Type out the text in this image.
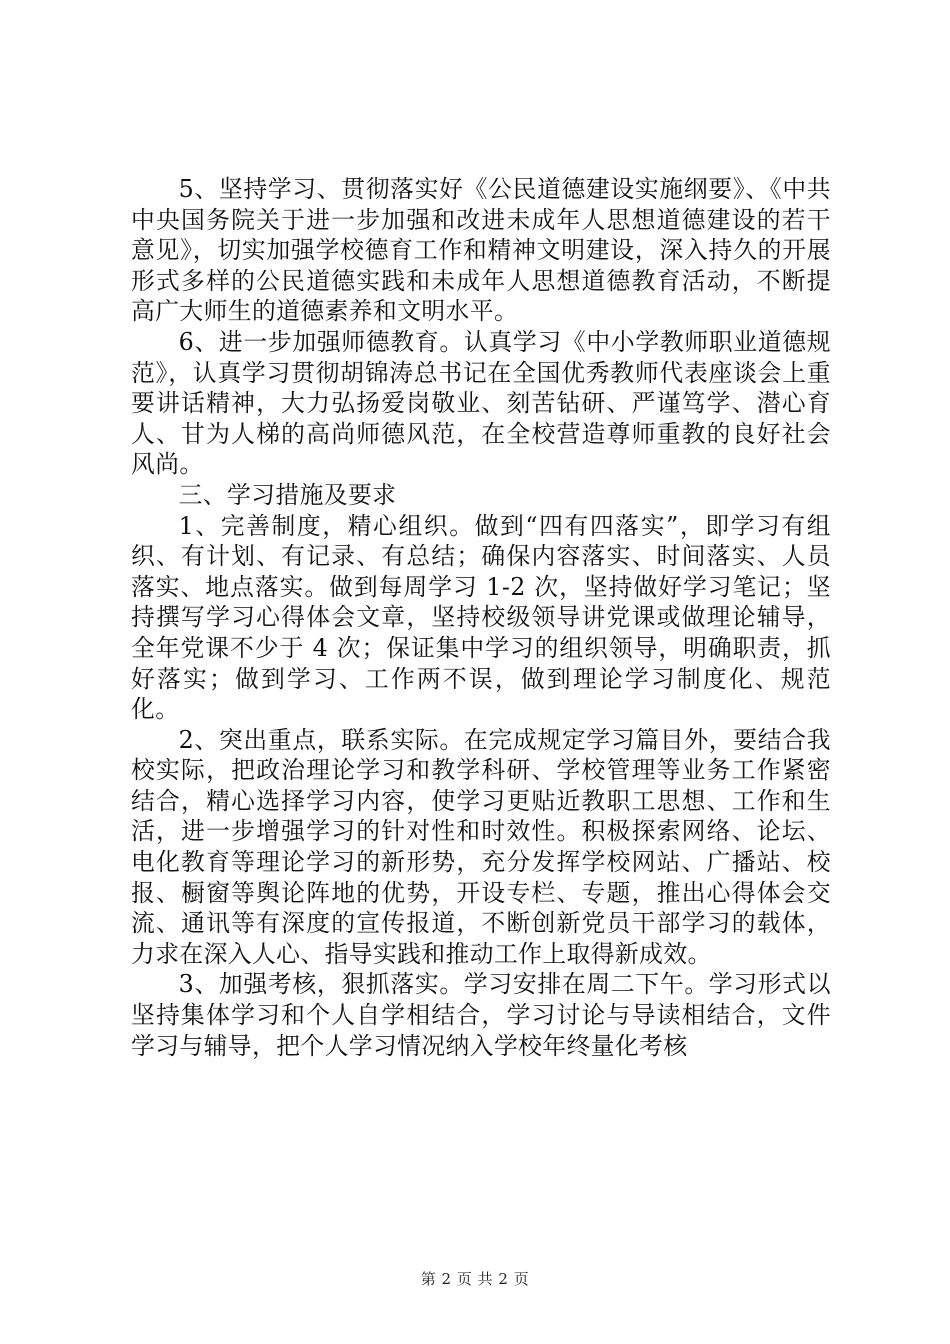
5、坚持学习、贯彻落实好《公民道德建设实施纲要》、《中共中央国务院关于进一步加强和改进未成年人思想道德建设的若干意见》，切实加强学校德育工作和精神文明建设，深入持久的开展形式多样的公民道德实践和未成年人思想道德教育活动，不断提高广大师生的道德素养和文明水平。

6、进一步加强师德教育。认真学习《中小学教师职业道德规范》，认真学习贯彻胡锦涛总书记在全国优秀教师代表座谈会上重要讲话精神，大力弘扬爱岗敬业、刻苦钻研、严谨笃学、潜心育人、甘为人梯的高尚师德风范，在全校营造尊师重教的良好社会风尚。

三、学习措施及要求

1、完善制度，精心组织。做到“四有四落实”，即学习有组织、有计划、有记录、有总结；确保内容落实、时间落实、人员落实、地点落实。做到每周学习 1-2 次，坚持做好学习笔记；坚持撰写学习心得体会文章，坚持校级领导讲党课或做理论辅导，全年党课不少于 4 次；保证集中学习的组织领导，明确职责，抓好落实；做到学习、工作两不误，做到理论学习制度化、规范化。

2、突出重点，联系实际。在完成规定学习篇目外，要结合我校实际，把政治理论学习和教学科研、学校管理等业务工作紧密结合，精心选择学习内容，使学习更贴近教职工思想、工作和生活，进一步增强学习的针对性和时效性。积极探索网络、论坛、电化教育等理论学习的新形势，充分发挥学校网站、广播站、校报、橱窗等舆论阵地的优势，开设专栏、专题，推出心得体会交流、通讯等有深度的宣传报道，不断创新党员干部学习的载体，力求在深入人心、指导实践和推动工作上取得新成效。

3、加强考核，狠抓落实。学习安排在周二下午。学习形式以坚持集体学习和个人自学相结合，学习讨论与导读相结合，文件学习与辅导，把个人学习情况纳入学校年终量化考核

第 2 页 共 2 页
